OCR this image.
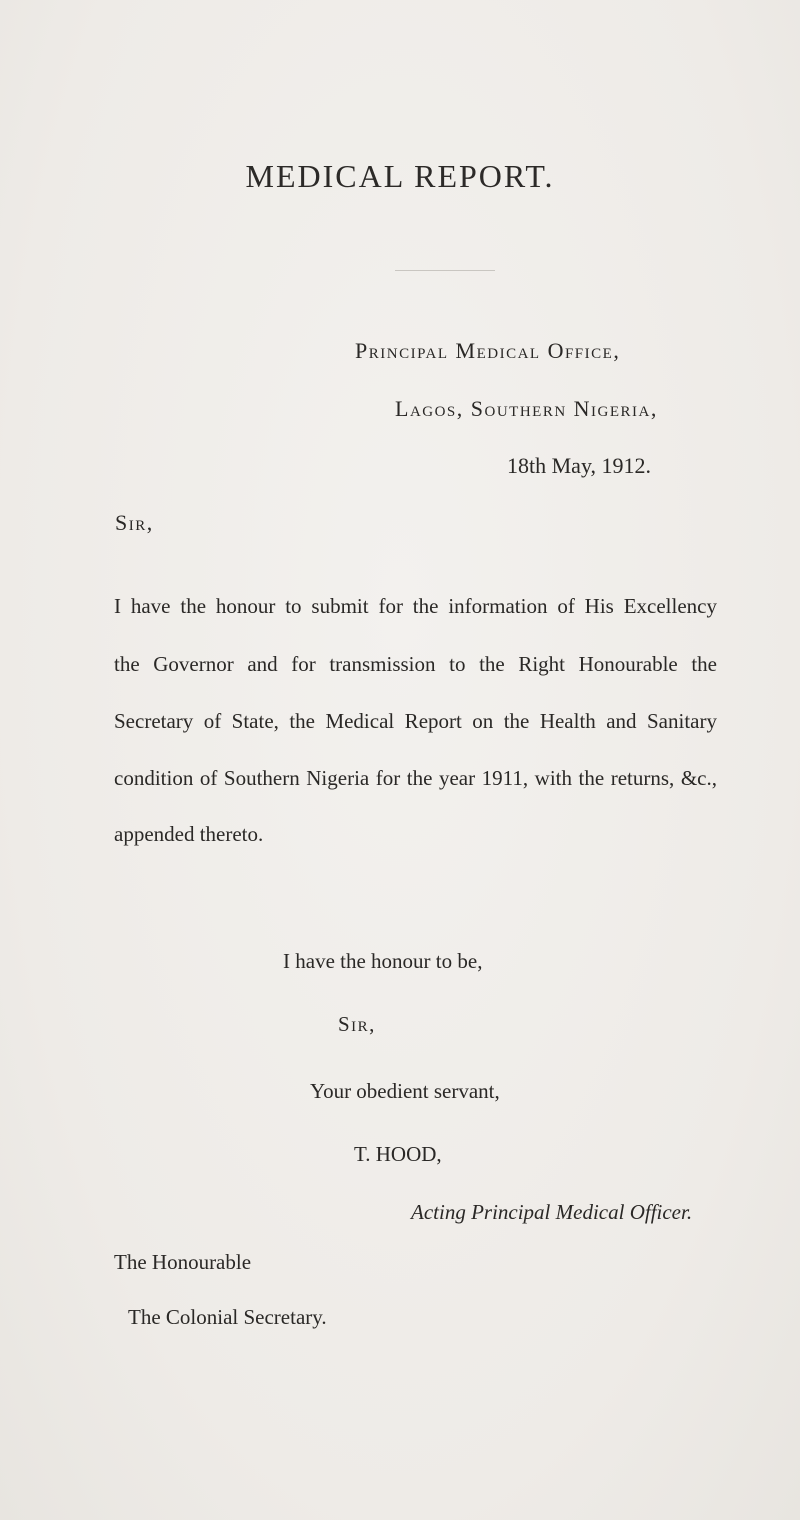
MEDICAL REPORT.
Principal Medical Office,
Lagos, Southern Nigeria,
18th May, 1912.
Sir,
I have the honour to submit for the information of His Excellency
the Governor and for transmission to the Right Honourable the
Secretary of State, the Medical Report on the Health and Sanitary
condition of Southern Nigeria for the year 1911, with the returns, &c.,
appended thereto.
I have the honour to be,
Sir,
Your obedient servant,
T. HOOD,
Acting Principal Medical Officer.
The Honourable
The Colonial Secretary.
